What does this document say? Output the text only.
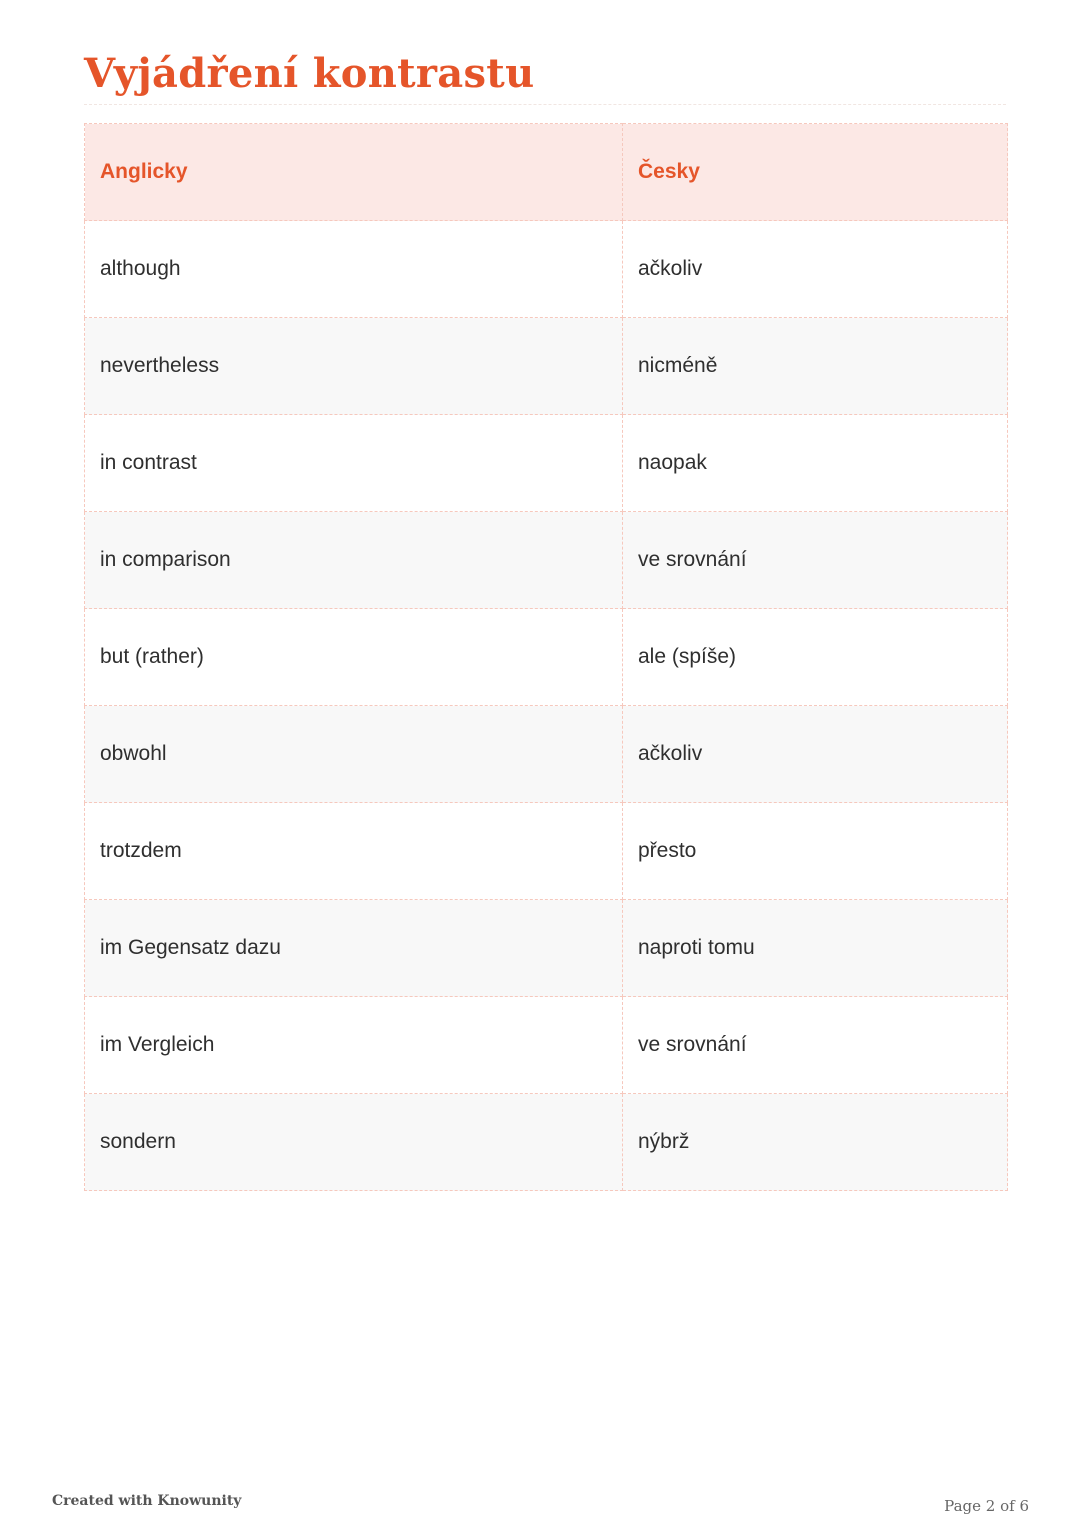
Vyjádření kontrastu
Anglicky	Česky
although	ačkoliv
nevertheless	nicméně
in contrast	naopak
in comparison	ve srovnání
but (rather)	ale (spíše)
obwohl	ačkoliv
trotzdem	přesto
im Gegensatz dazu	naproti tomu
im Vergleich	ve srovnání
sondern	nýbrž
Created with Knowunity	Page 2 of 6
